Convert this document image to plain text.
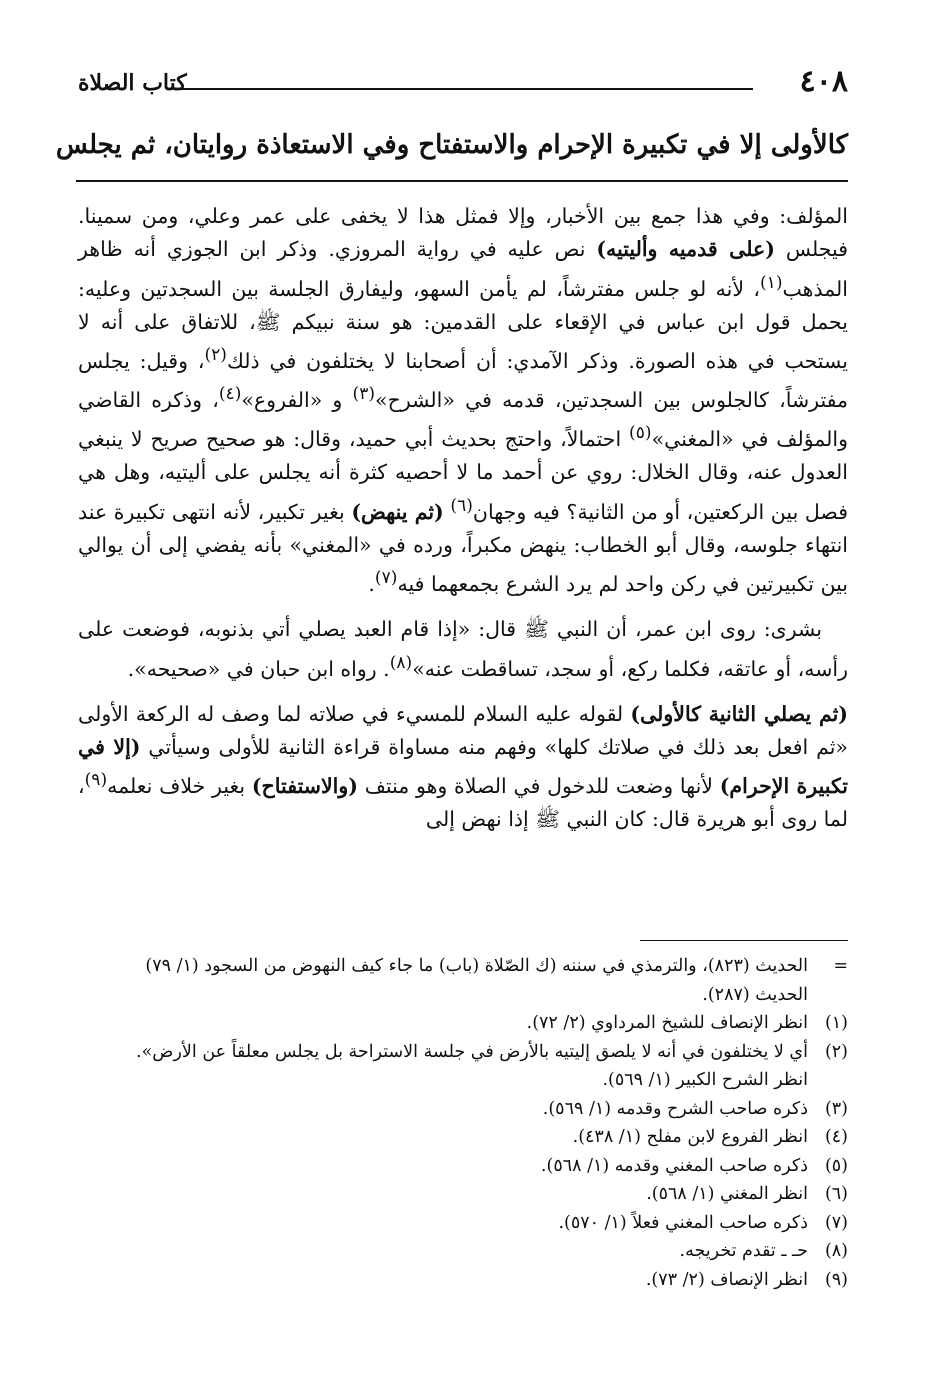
٤٠٨
كتاب الصلاة
كالأولى إلا في تكبيرة الإحرام والاستفتاح وفي الاستعاذة روايتان، ثم يجلس

المؤلف: وفي هذا جمع بين الأخبار، وإلا فمثل هذا لا يخفى على عمر وعلي، ومن سمينا. فيجلس (على قدميه وأليتيه) نص عليه في رواية المروزي. وذكر ابن الجوزي أنه ظاهر المذهب$^{(١)}$، لأنه لو جلس مفترشاً، لم يأمن السهو، وليفارق الجلسة بين السجدتين وعليه: يحمل قول ابن عباس في الإقعاء على القدمين: هو سنة نبيكم ﷺ، للاتفاق على أنه لا يستحب في هذه الصورة. وذكر الآمدي: أن أصحابنا لا يختلفون في ذلك$^{(٢)}$، وقيل: يجلس مفترشاً، كالجلوس بين السجدتين، قدمه في «الشرح»$^{(٣)}$ و «الفروع»$^{(٤)}$، وذكره القاضي والمؤلف في «المغني»$^{(٥)}$ احتمالاً، واحتج بحديث أبي حميد، وقال: هو صحيح صريح لا ينبغي العدول عنه، وقال الخلال: روي عن أحمد ما لا أحصيه كثرة أنه يجلس على أليتيه، وهل هي فصل بين الركعتين، أو من الثانية؟ فيه وجهان$^{(٦)}$ (ثم ينهض) بغير تكبير، لأنه انتهى تكبيرة عند انتهاء جلوسه، وقال أبو الخطاب: ينهض مكبراً، ورده في «المغني» بأنه يفضي إلى أن يوالي بين تكبيرتين في ركن واحد لم يرد الشرع بجمعهما فيه$^{(٧)}$.

بشرى: روى ابن عمر، أن النبي ﷺ قال: «إذا قام العبد يصلي أتي بذنوبه، فوضعت على رأسه، أو عاتقه، فكلما ركع، أو سجد، تساقطت عنه»$^{(٨)}$. رواه ابن حبان في «صحيحه».

(ثم يصلي الثانية كالأولى) لقوله عليه السلام للمسيء في صلاته لما وصف له الركعة الأولى «ثم افعل بعد ذلك في صلاتك كلها» وفهم منه مساواة قراءة الثانية للأولى وسيأتي (إلا في تكبيرة الإحرام) لأنها وضعت للدخول في الصلاة وهو منتف (والاستفتاح) بغير خلاف نعلمه$^{(٩)}$، لما روى أبو هريرة قال: كان النبي ﷺ إذا نهض إلى

=
الحديث (٨٢٣)، والترمذي في سننه (ك الصّلاة (باب) ما جاء كيف النهوض من السجود (١/ ٧٩)
الحديث (٢٨٧).
(١)
انظر الإنصاف للشيخ المرداوي (٢/ ٧٢).
(٢)
أي لا يختلفون في أنه لا يلصق إليتيه بالأرض في جلسة الاستراحة بل يجلس معلقاً عن الأرض».
انظر الشرح الكبير (١/ ٥٦٩).
(٣)
ذكره صاحب الشرح وقدمه (١/ ٥٦٩).
(٤)
انظر الفروع لابن مفلح (١/ ٤٣٨).
(٥)
ذكره صاحب المغني وقدمه (١/ ٥٦٨).
(٦)
انظر المغني (١/ ٥٦٨).
(٧)
ذكره صاحب المغني فعلاً (١/ ٥٧٠).
(٨)
حـ ـ تقدم تخريجه.
(٩)
انظر الإنصاف (٢/ ٧٣).
